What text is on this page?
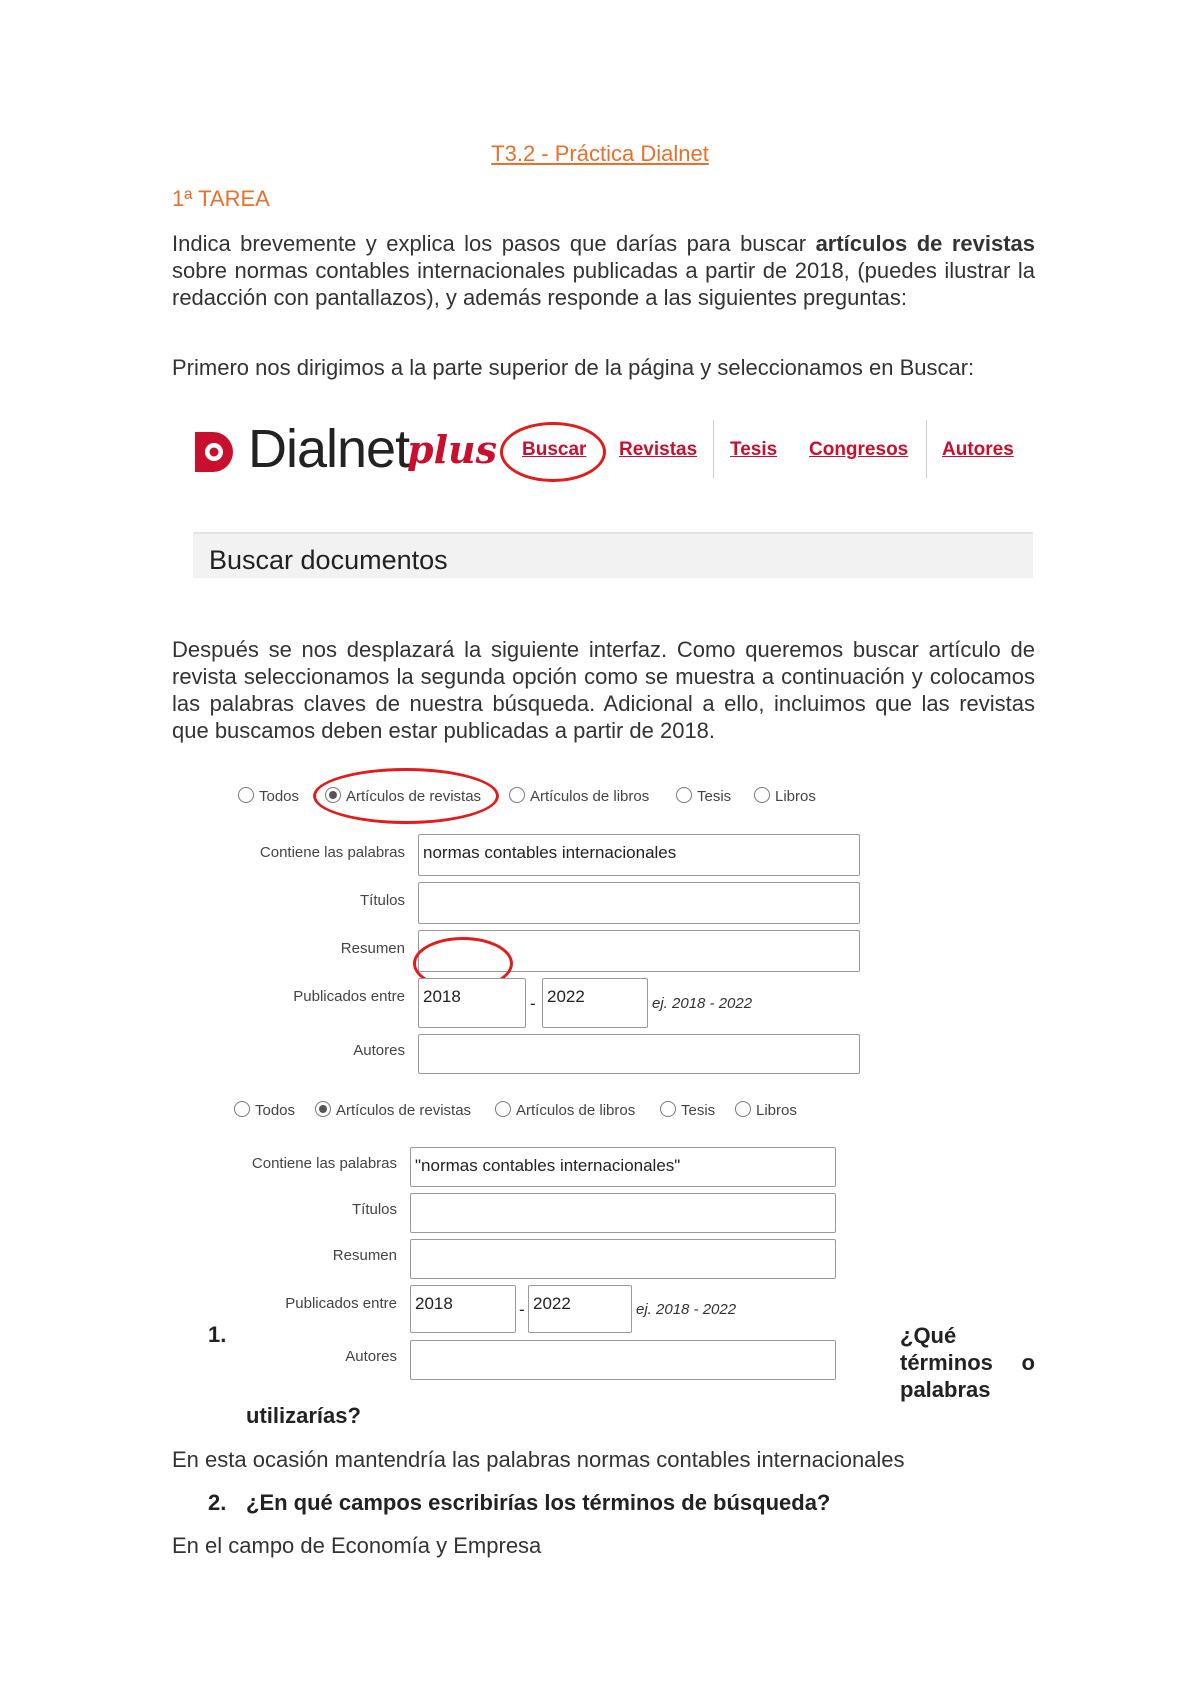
T3.2 - Práctica Dialnet
1ª TAREA
Indica brevemente y explica los pasos que darías para buscar artículos de revistas sobre normas contables internacionales publicadas a partir de 2018, (puedes ilustrar la redacción con pantallazos), y además responde a las siguientes preguntas:
Primero nos dirigimos a la parte superior de la página y seleccionamos en Buscar:
Dialnet
plus Buscar Revistas Tesis Congresos Autores
Buscar documentos
Después se nos desplazará la siguiente interfaz. Como queremos buscar artículo de revista seleccionamos la segunda opción como se muestra a continuación y colocamos las palabras claves de nuestra búsqueda. Adicional a ello, incluimos que las revistas que buscamos deben estar publicadas a partir de 2018.
Todos	Artículos de revistas	Artículos de libros	Tesis	Libros
Contiene las palabras normas contables internacionales
Títulos
Resumen
Publicados entre 2018	- 2022	ej. 2018 - 2022
Autores
Todos	Artículos de revistas	Artículos de libros	Tesis	Libros
Contiene las palabras "normas contables internacionales"
Títulos
Resumen
Publicados entre 2018	- 2022	ej. 2018 - 2022
Autores
1.	¿Qué términos o palabras
utilizarías?
En esta ocasión mantendría las palabras normas contables internacionales
2. ¿En qué campos escribirías los términos de búsqueda?
En el campo de Economía y Empresa
